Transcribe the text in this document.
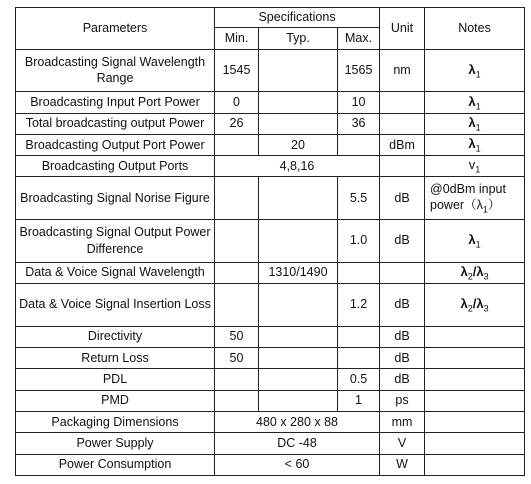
Parameters	Specifications			Unit	Notes
	Min.	Typ.	Max.		
Broadcasting Signal Wavelength Range	1545		1565	nm	$\lambda_1$
Broadcasting Input Port Power	0		10		$\lambda_1$
Total broadcasting output Power	26		36		$\lambda_1$
Broadcasting Output Port Power		20		dBm	$\lambda_1$
Broadcasting Output Ports	4,8,16				$v_1$
Broadcasting Signal Norise Figure			5.5	dB	@0dBm input
$power(\lambda_1)$
Broadcasting Signal Output Power Difference			1.0	dB	$\lambda_1$
Data & Voice Signal Wavelength		1310/1490			$\lambda_2/\lambda_3$
Data & Voice Signal Insertion Loss			1.2	dB	$\lambda_2/\lambda_3$
Directivity	50			dB	
Return Loss	50			dB	
PDL			0.5	dB	
PMD			1	ps	
Packaging Dimensions	480 x 280 x 88			mm	
Power Supply	DC -48			V	
Power Consumption	< 60			W	
